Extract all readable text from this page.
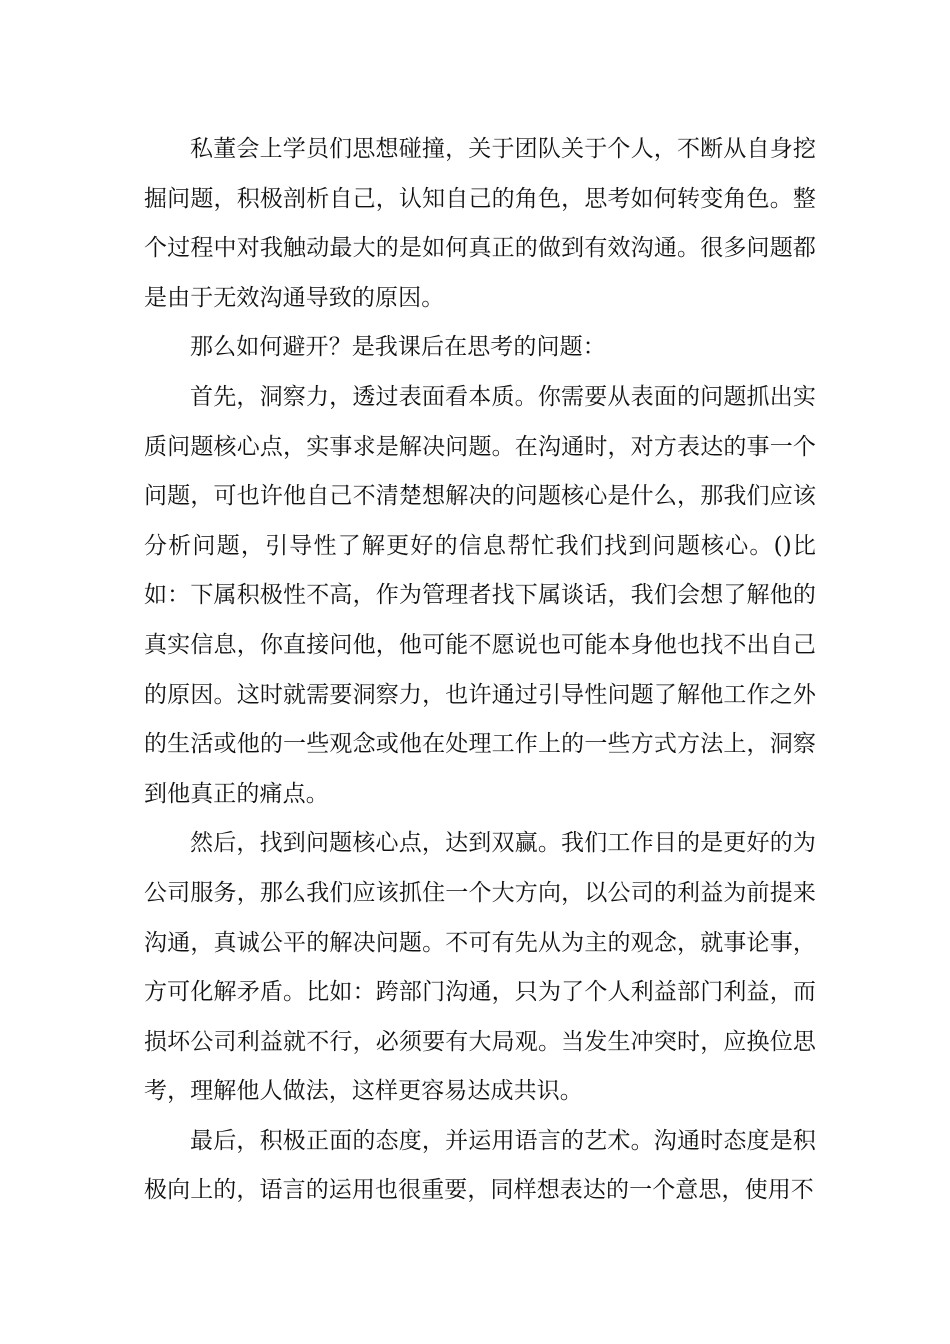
私董会上学员们思想碰撞，关于团队关于个人，不断从自身挖掘问题，积极剖析自己，认知自己的角色，思考如何转变角色。整个过程中对我触动最大的是如何真正的做到有效沟通。很多问题都是由于无效沟通导致的原因。

那么如何避开？是我课后在思考的问题：

首先，洞察力，透过表面看本质。你需要从表面的问题抓出实质问题核心点，实事求是解决问题。在沟通时，对方表达的事一个问题，可也许他自己不清楚想解决的问题核心是什么，那我们应该分析问题，引导性了解更好的信息帮忙我们找到问题核心。()比如：下属积极性不高，作为管理者找下属谈话，我们会想了解他的真实信息，你直接问他，他可能不愿说也可能本身他也找不出自己的原因。这时就需要洞察力，也许通过引导性问题了解他工作之外的生活或他的一些观念或他在处理工作上的一些方式方法上，洞察到他真正的痛点。

然后，找到问题核心点，达到双赢。我们工作目的是更好的为公司服务，那么我们应该抓住一个大方向，以公司的利益为前提来沟通，真诚公平的解决问题。不可有先从为主的观念，就事论事，方可化解矛盾。比如：跨部门沟通，只为了个人利益部门利益，而损坏公司利益就不行，必须要有大局观。当发生冲突时，应换位思考，理解他人做法，这样更容易达成共识。

最后，积极正面的态度，并运用语言的艺术。沟通时态度是积极向上的，语言的运用也很重要，同样想表达的一个意思，使用不
